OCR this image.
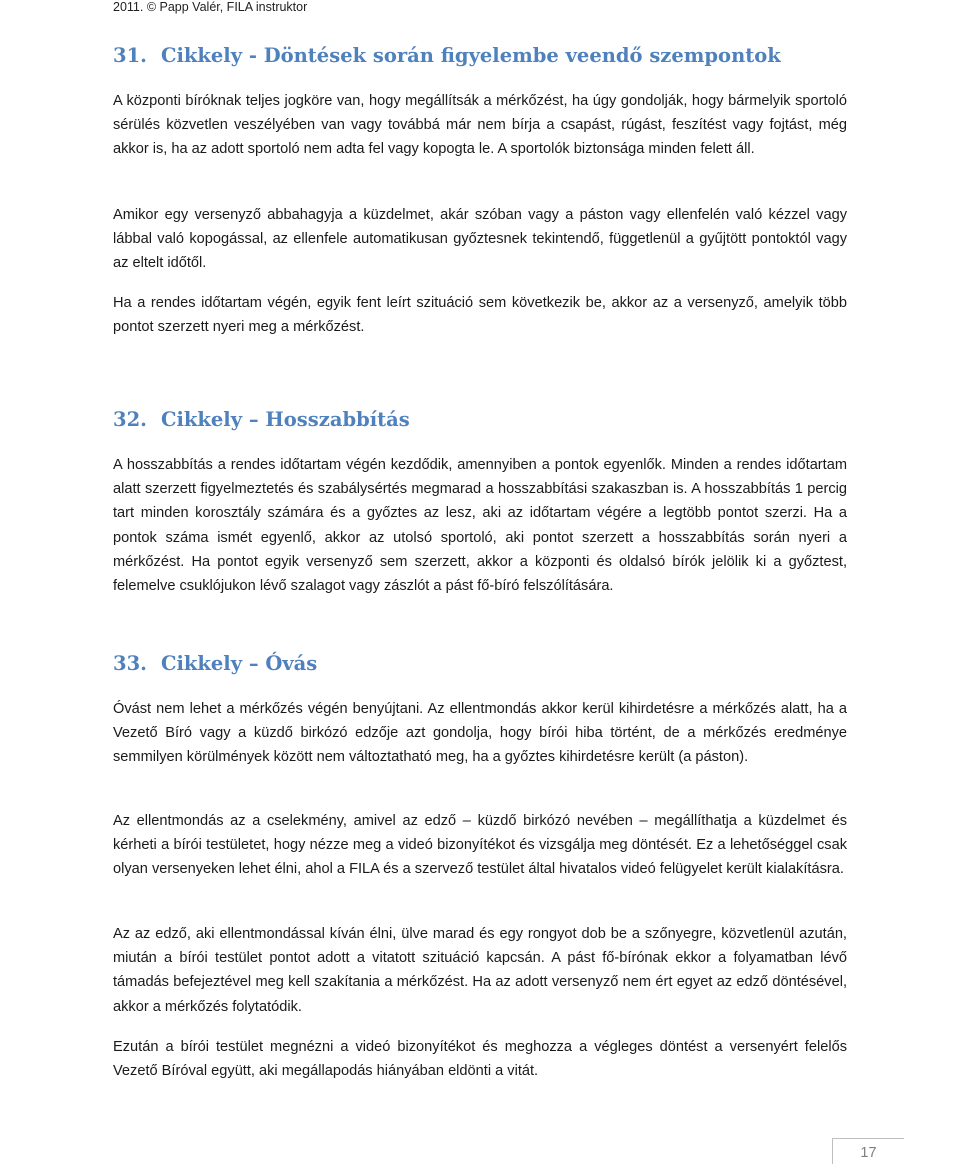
2011. © Papp Valér, FILA instruktor
31. Cikkely - Döntések során figyelembe veendő szempontok

A központi bíróknak teljes jogköre van, hogy megállítsák a mérkőzést, ha úgy gondolják, hogy bármelyik sportoló sérülés közvetlen veszélyében van vagy továbbá már nem bírja a csapást, rúgást, feszítést vagy fojtást, még akkor is, ha az adott sportoló nem adta fel vagy kopogta le. A sportolók biztonsága minden felett áll.

Amikor egy versenyző abbahagyja a küzdelmet, akár szóban vagy a páston vagy ellenfelén való kézzel vagy lábbal való kopogással, az ellenfele automatikusan győztesnek tekintendő, függetlenül a gyűjtött pontoktól vagy az eltelt időtől.

Ha a rendes időtartam végén, egyik fent leírt szituáció sem következik be, akkor az a versenyző, amelyik több pontot szerzett nyeri meg a mérkőzést.

32. Cikkely – Hosszabbítás

A hosszabbítás a rendes időtartam végén kezdődik, amennyiben a pontok egyenlők. Minden a rendes időtartam alatt szerzett figyelmeztetés és szabálysértés megmarad a hosszabbítási szakaszban is. A hosszabbítás 1 percig tart minden korosztály számára és a győztes az lesz, aki az időtartam végére a legtöbb pontot szerzi. Ha a pontok száma ismét egyenlő, akkor az utolsó sportoló, aki pontot szerzett a hosszabbítás során nyeri a mérkőzést. Ha pontot egyik versenyző sem szerzett, akkor a központi és oldalsó bírók jelölik ki a győztest, felemelve csuklójukon lévő szalagot vagy zászlót a pást fő-bíró felszólítására.

33. Cikkely – Óvás

Óvást nem lehet a mérkőzés végén benyújtani. Az ellentmondás akkor kerül kihirdetésre a mérkőzés alatt, ha a Vezető Bíró vagy a küzdő birkózó edzője azt gondolja, hogy bírói hiba történt, de a mérkőzés eredménye semmilyen körülmények között nem változtatható meg, ha a győztes kihirdetésre került (a páston).

Az ellentmondás az a cselekmény, amivel az edző – küzdő birkózó nevében – megállíthatja a küzdelmet és kérheti a bírói testületet, hogy nézze meg a videó bizonyítékot és vizsgálja meg döntését. Ez a lehetőséggel csak olyan versenyeken lehet élni, ahol a FILA és a szervező testület által hivatalos videó felügyelet került kialakításra.

Az az edző, aki ellentmondással kíván élni, ülve marad és egy rongyot dob be a szőnyegre, közvetlenül azután, miután a bírói testület pontot adott a vitatott szituáció kapcsán. A pást fő-bírónak ekkor a folyamatban lévő támadás befejeztével meg kell szakítania a mérkőzést. Ha az adott versenyző nem ért egyet az edző döntésével, akkor a mérkőzés folytatódik.

Ezután a bírói testület megnézni a videó bizonyítékot és meghozza a végleges döntést a versenyért felelős Vezető Bíróval együtt, aki megállapodás hiányában eldönti a vitát.

17
